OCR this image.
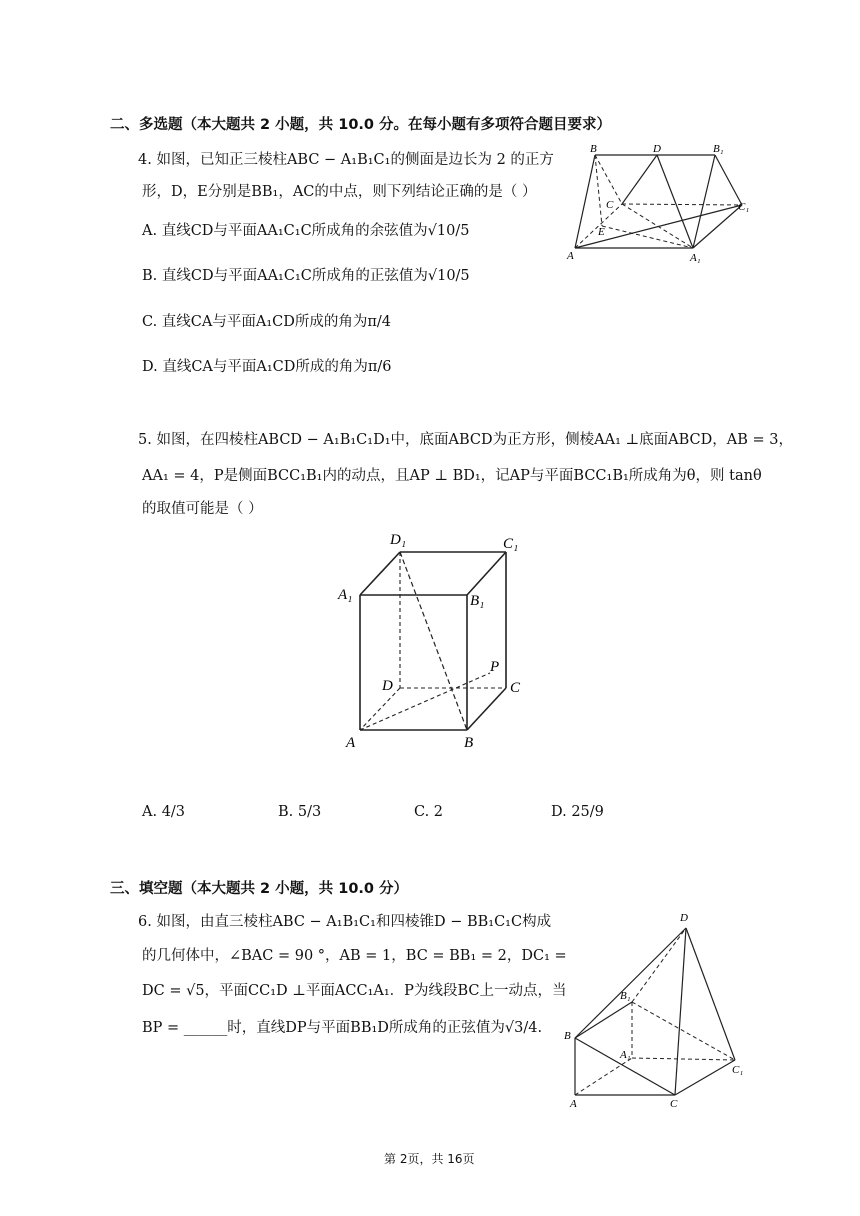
二、多选题（本大题共 2 小题，共 10.0 分。在每小题有多项符合题目要求）
4. 如图，已知正三棱柱ABC − A₁B₁C₁的侧面是边长为 2 的正方
形，D，E分别是BB₁，AC的中点，则下列结论正确的是（ ）
A. 直线CD与平面AA₁C₁C所成角的余弦值为√10/5
B. 直线CD与平面AA₁C₁C所成角的正弦值为√10/5
C. 直线CA与平面A₁CD所成的角为π/4
D. 直线CA与平面A₁CD所成的角为π/6
B	D	B₁
C	C₁
E
A	A₁
5. 如图，在四棱柱ABCD − A₁B₁C₁D₁中，底面ABCD为正方形，侧棱AA₁ ⊥底面ABCD，AB = 3，
AA₁ = 4，P是侧面BCC₁B₁内的动点，且AP ⊥ BD₁，记AP与平面BCC₁B₁所成角为θ，则 tanθ
的取值可能是（ ）
D₁	C₁
A₁	B₁
P
D	C
A	B
A. 4/3	B. 5/3	C. 2	D. 25/9
三、填空题（本大题共 2 小题，共 10.0 分）
6. 如图，由直三棱柱ABC − A₁B₁C₁和四棱锥D − BB₁C₁C构成
的几何体中，∠BAC = 90 °，AB = 1，BC = BB₁ = 2，DC₁ =
DC = √5，平面CC₁D ⊥平面ACC₁A₁．P为线段BC上一动点，当
BP = ______时，直线DP与平面BB₁D所成角的正弦值为√3/4.
D
B₁
B
A₁
C₁
A	C
第 2页，共 16页
